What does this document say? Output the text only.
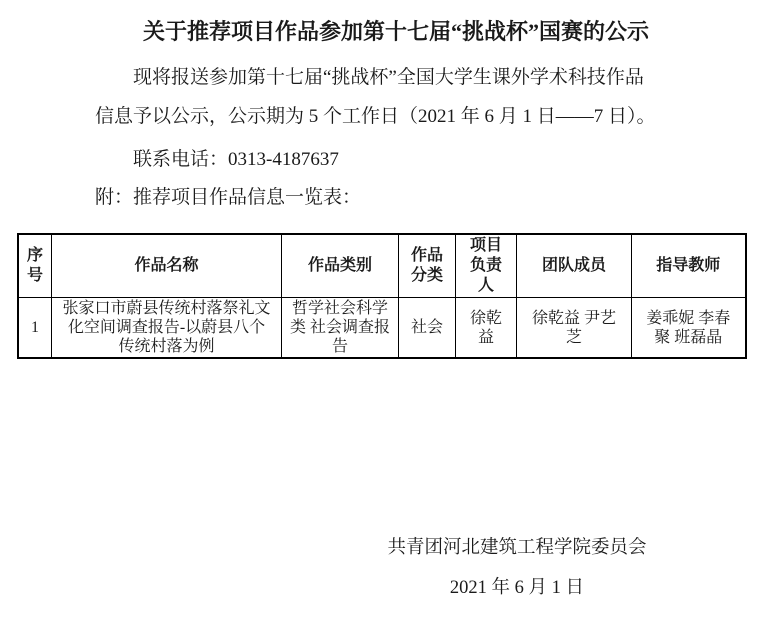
关于推荐项目作品参加第十七届“挑战杯”国赛的公示
现将报送参加第十七届“挑战杯”全国大学生课外学术科技作品
信息予以公示，公示期为 5 个工作日（2021 年 6 月 1 日——7 日）。
联系电话：0313-4187637
附：推荐项目作品信息一览表：
序号	作品名称	作品类别	作品分类	项目负责人	团队成员	指导教师
1	张家口市蔚县传统村落祭礼文化空间调查报告-以蔚县八个传统村落为例	哲学社会科学类 社会调查报告	社会	徐乾益	徐乾益 尹艺芝	姜乖妮 李春聚 班磊晶
共青团河北建筑工程学院委员会
2021 年 6 月 1 日
